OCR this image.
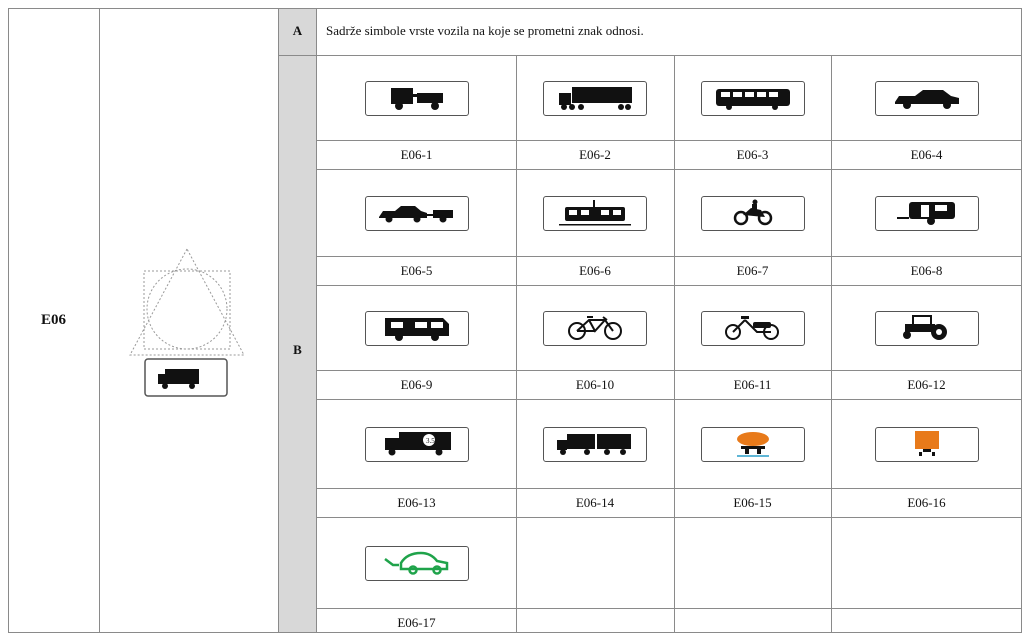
E06
A	Sadrže simbole vrste vozila na koje se prometni znak odnosi.
B
E06-1	E06-2	E06-3	E06-4
E06-5	E06-6	E06-7	E06-8
E06-9	E06-10	E06-11	E06-12
3.5t
E06-13	E06-14	E06-15	E06-16
E06-17
